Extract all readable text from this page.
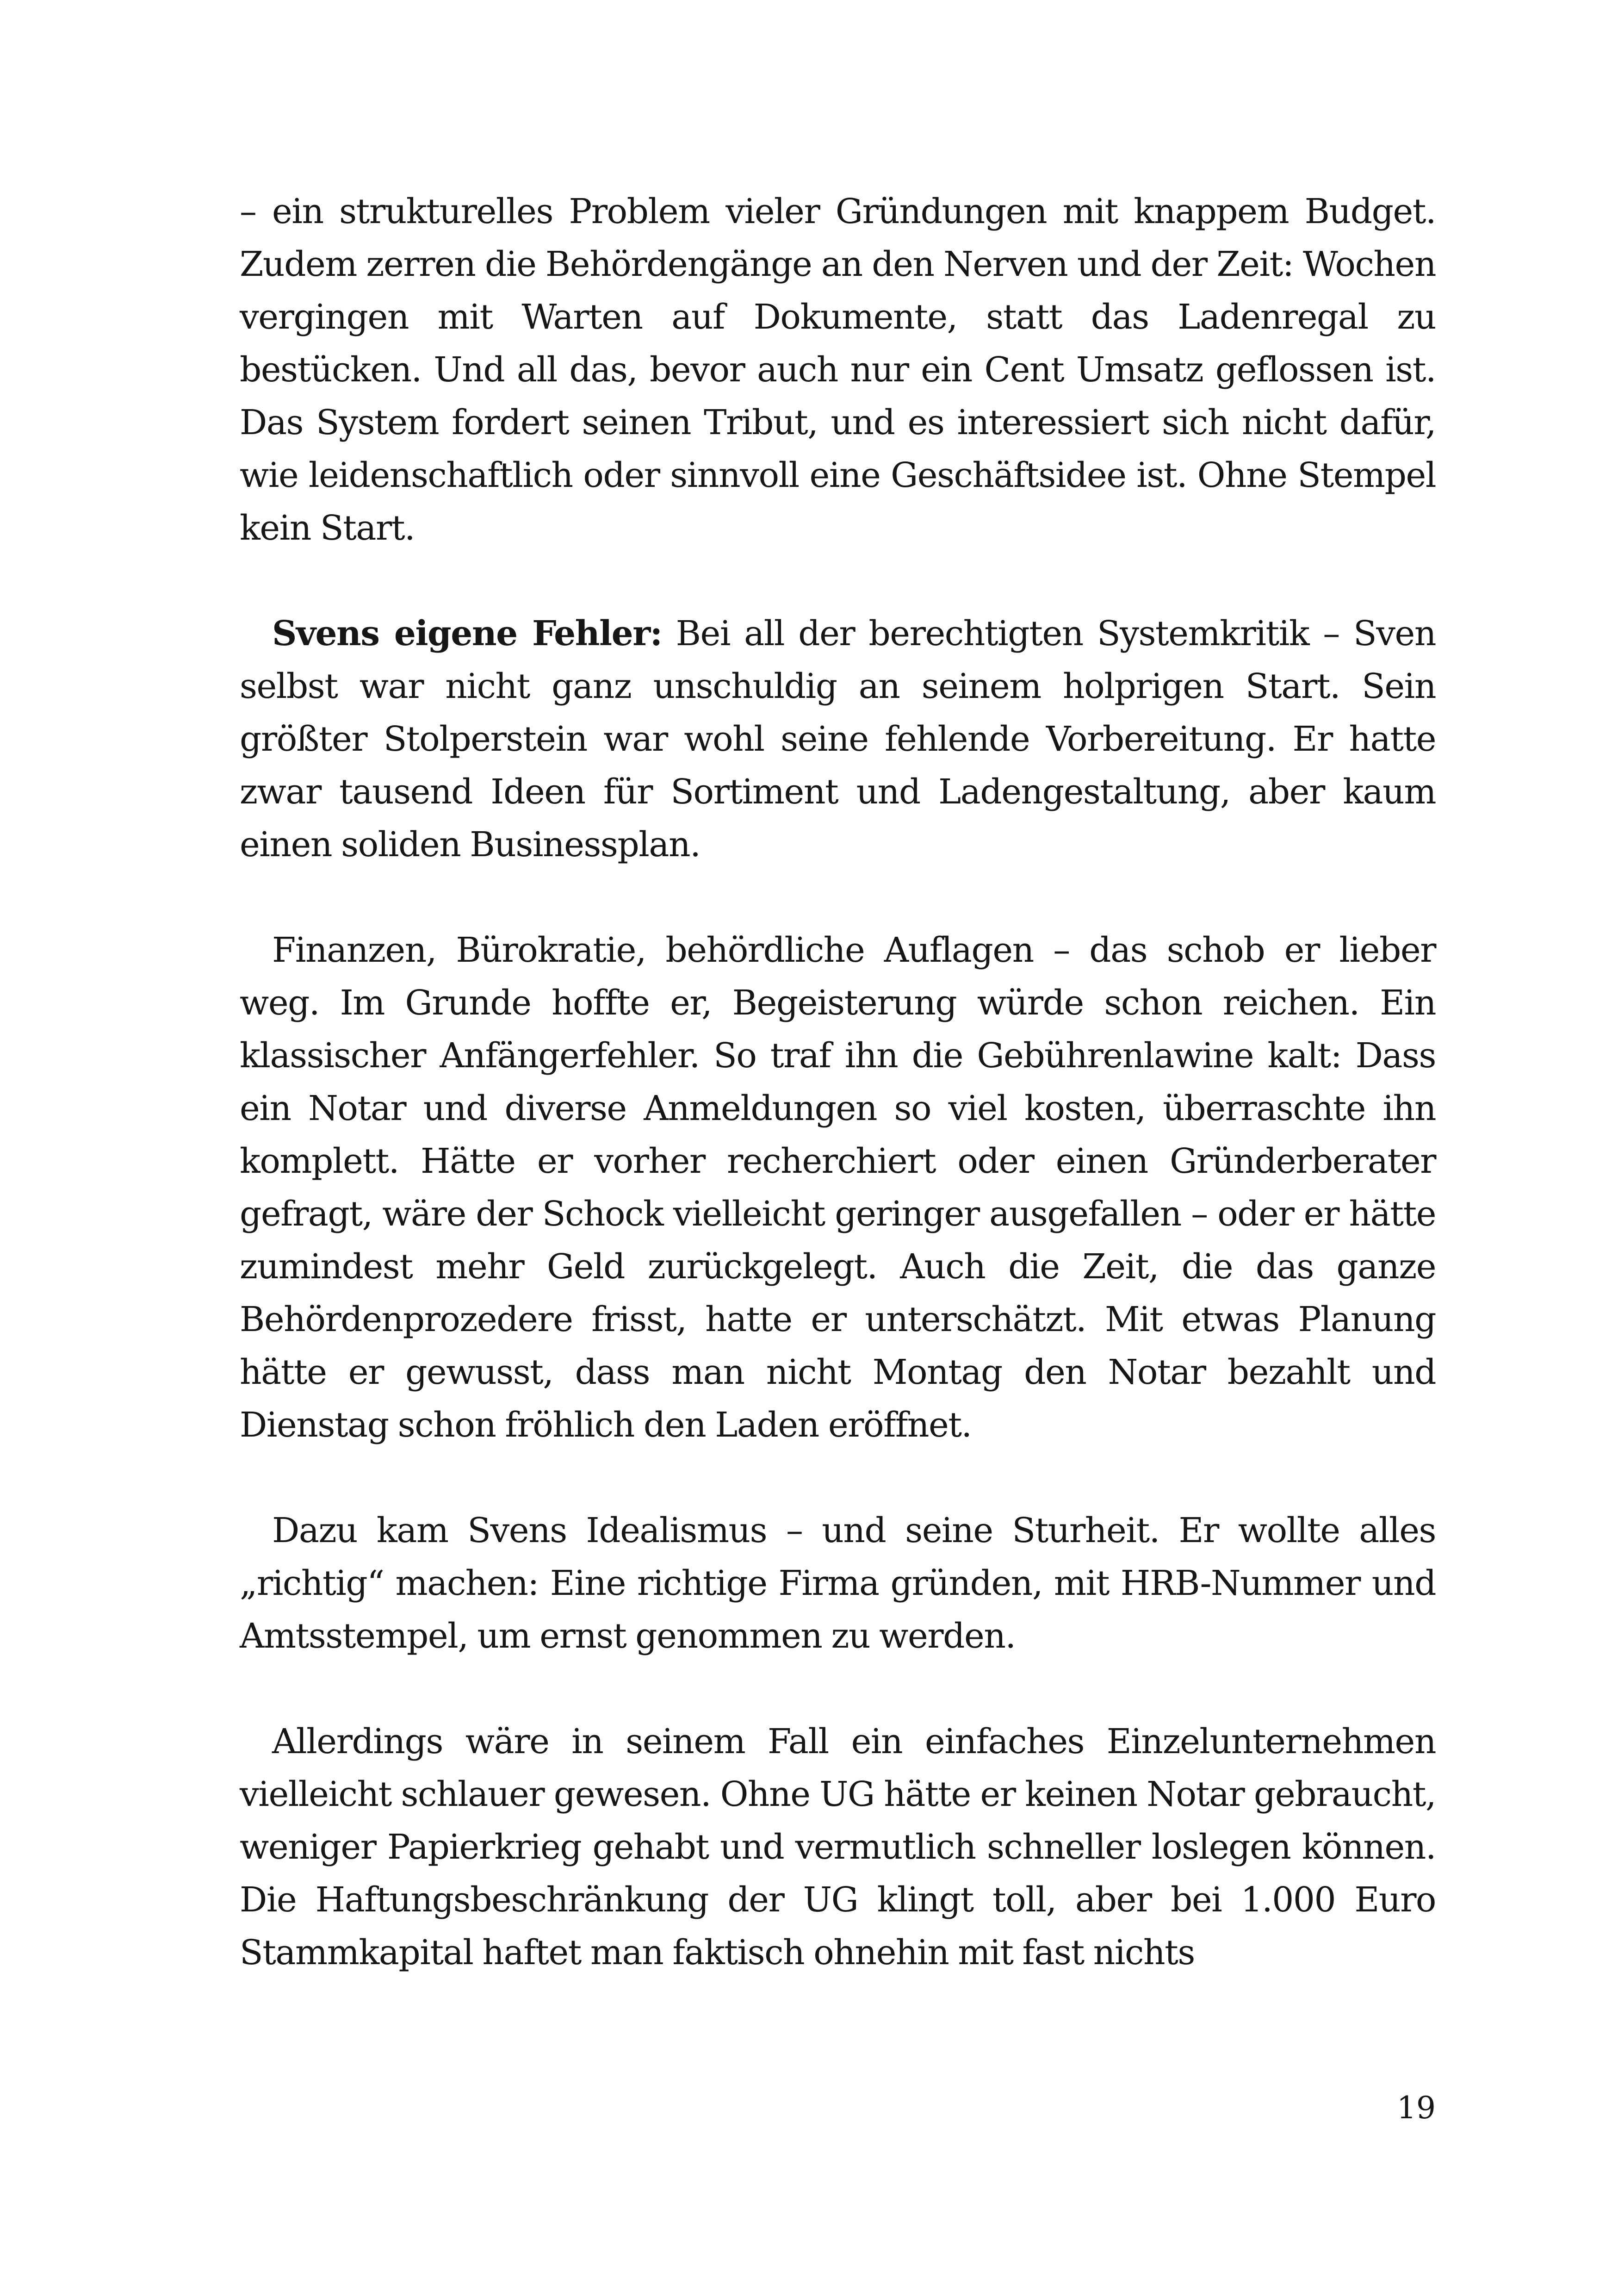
– ein strukturelles Problem vieler Gründungen mit knappem Budget. Zudem zerren die Behördengänge an den Nerven und der Zeit: Wochen vergingen mit Warten auf Dokumente, statt das Ladenregal zu bestücken. Und all das, bevor auch nur ein Cent Umsatz geflossen ist. Das System fordert seinen Tribut, und es interessiert sich nicht dafür, wie leidenschaftlich oder sinnvoll eine Geschäftsidee ist. Ohne Stempel kein Start.

Svens eigene Fehler: Bei all der berechtigten Systemkritik – Sven selbst war nicht ganz unschuldig an seinem holprigen Start. Sein größter Stolperstein war wohl seine fehlende Vorbereitung. Er hatte zwar tausend Ideen für Sortiment und Ladengestaltung, aber kaum einen soliden Businessplan.

Finanzen, Bürokratie, behördliche Auflagen – das schob er lieber weg. Im Grunde hoffte er, Begeisterung würde schon reichen. Ein klassischer Anfängerfehler. So traf ihn die Gebührenlawine kalt: Dass ein Notar und diverse Anmeldungen so viel kosten, überraschte ihn komplett. Hätte er vorher recherchiert oder einen Gründerberater gefragt, wäre der Schock vielleicht geringer ausgefallen – oder er hätte zumindest mehr Geld zurückgelegt. Auch die Zeit, die das ganze Behördenprozedere frisst, hatte er unterschätzt. Mit etwas Planung hätte er gewusst, dass man nicht Montag den Notar bezahlt und Dienstag schon fröhlich den Laden eröffnet.

Dazu kam Svens Idealismus – und seine Sturheit. Er wollte alles „richtig“ machen: Eine richtige Firma gründen, mit HRB-Nummer und Amtsstempel, um ernst genommen zu werden.

Allerdings wäre in seinem Fall ein einfaches Einzelunternehmen vielleicht schlauer gewesen. Ohne UG hätte er keinen Notar gebraucht, weniger Papierkrieg gehabt und vermutlich schneller loslegen können. Die Haftungsbeschränkung der UG klingt toll, aber bei 1.000 Euro Stammkapital haftet man faktisch ohnehin mit fast nichts

19
